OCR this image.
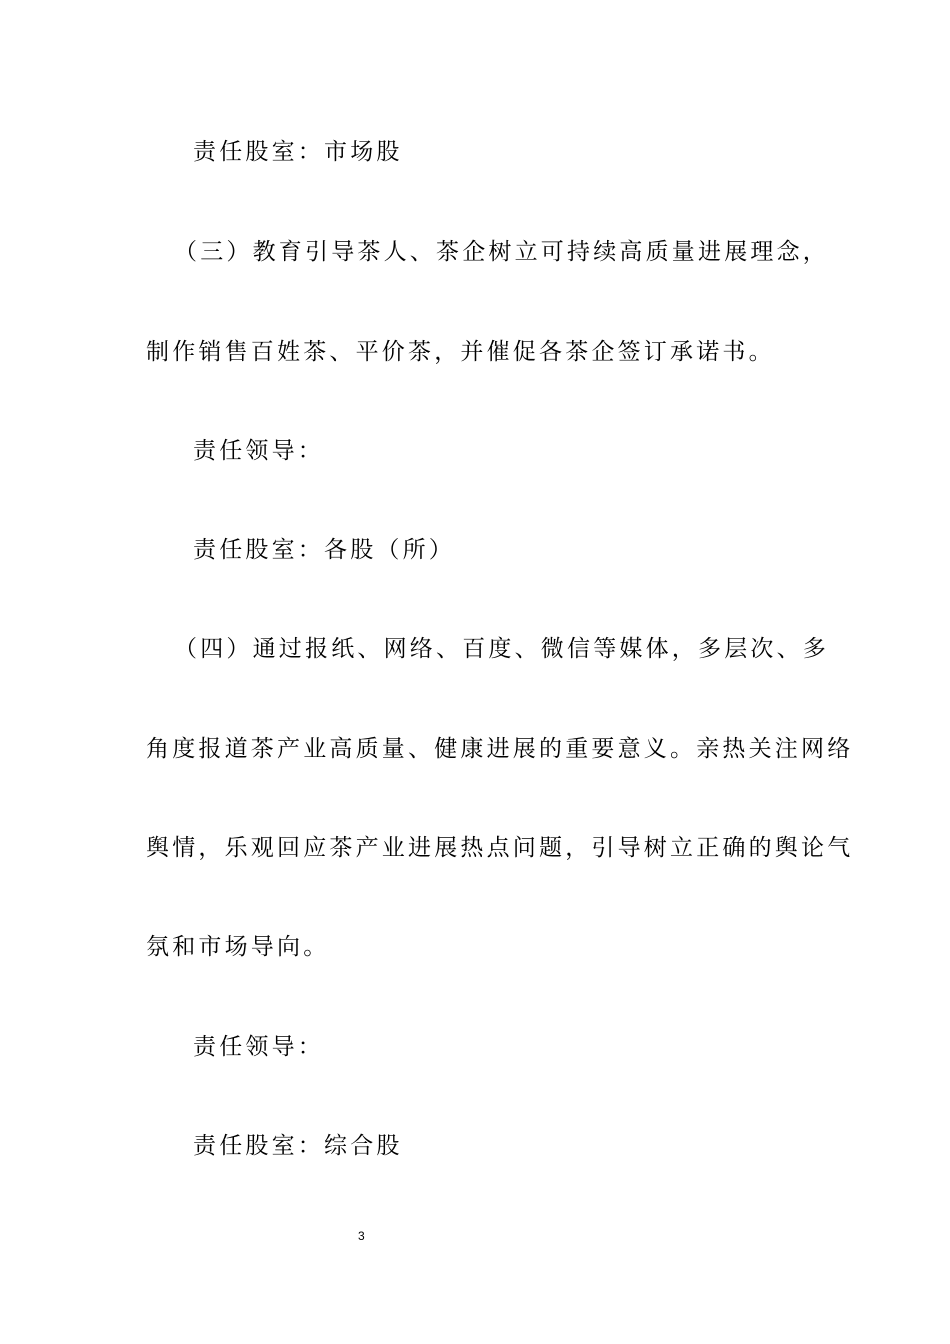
责任股室：市场股

（三）教育引导茶人、茶企树立可持续高质量进展理念，

制作销售百姓茶、平价茶，并催促各茶企签订承诺书。

责任领导：

责任股室：各股（所）

（四）通过报纸、网络、百度、微信等媒体，多层次、多

角度报道茶产业高质量、健康进展的重要意义。亲热关注网络

舆情，乐观回应茶产业进展热点问题，引导树立正确的舆论气

氛和市场导向。

责任领导：

责任股室：综合股

3
